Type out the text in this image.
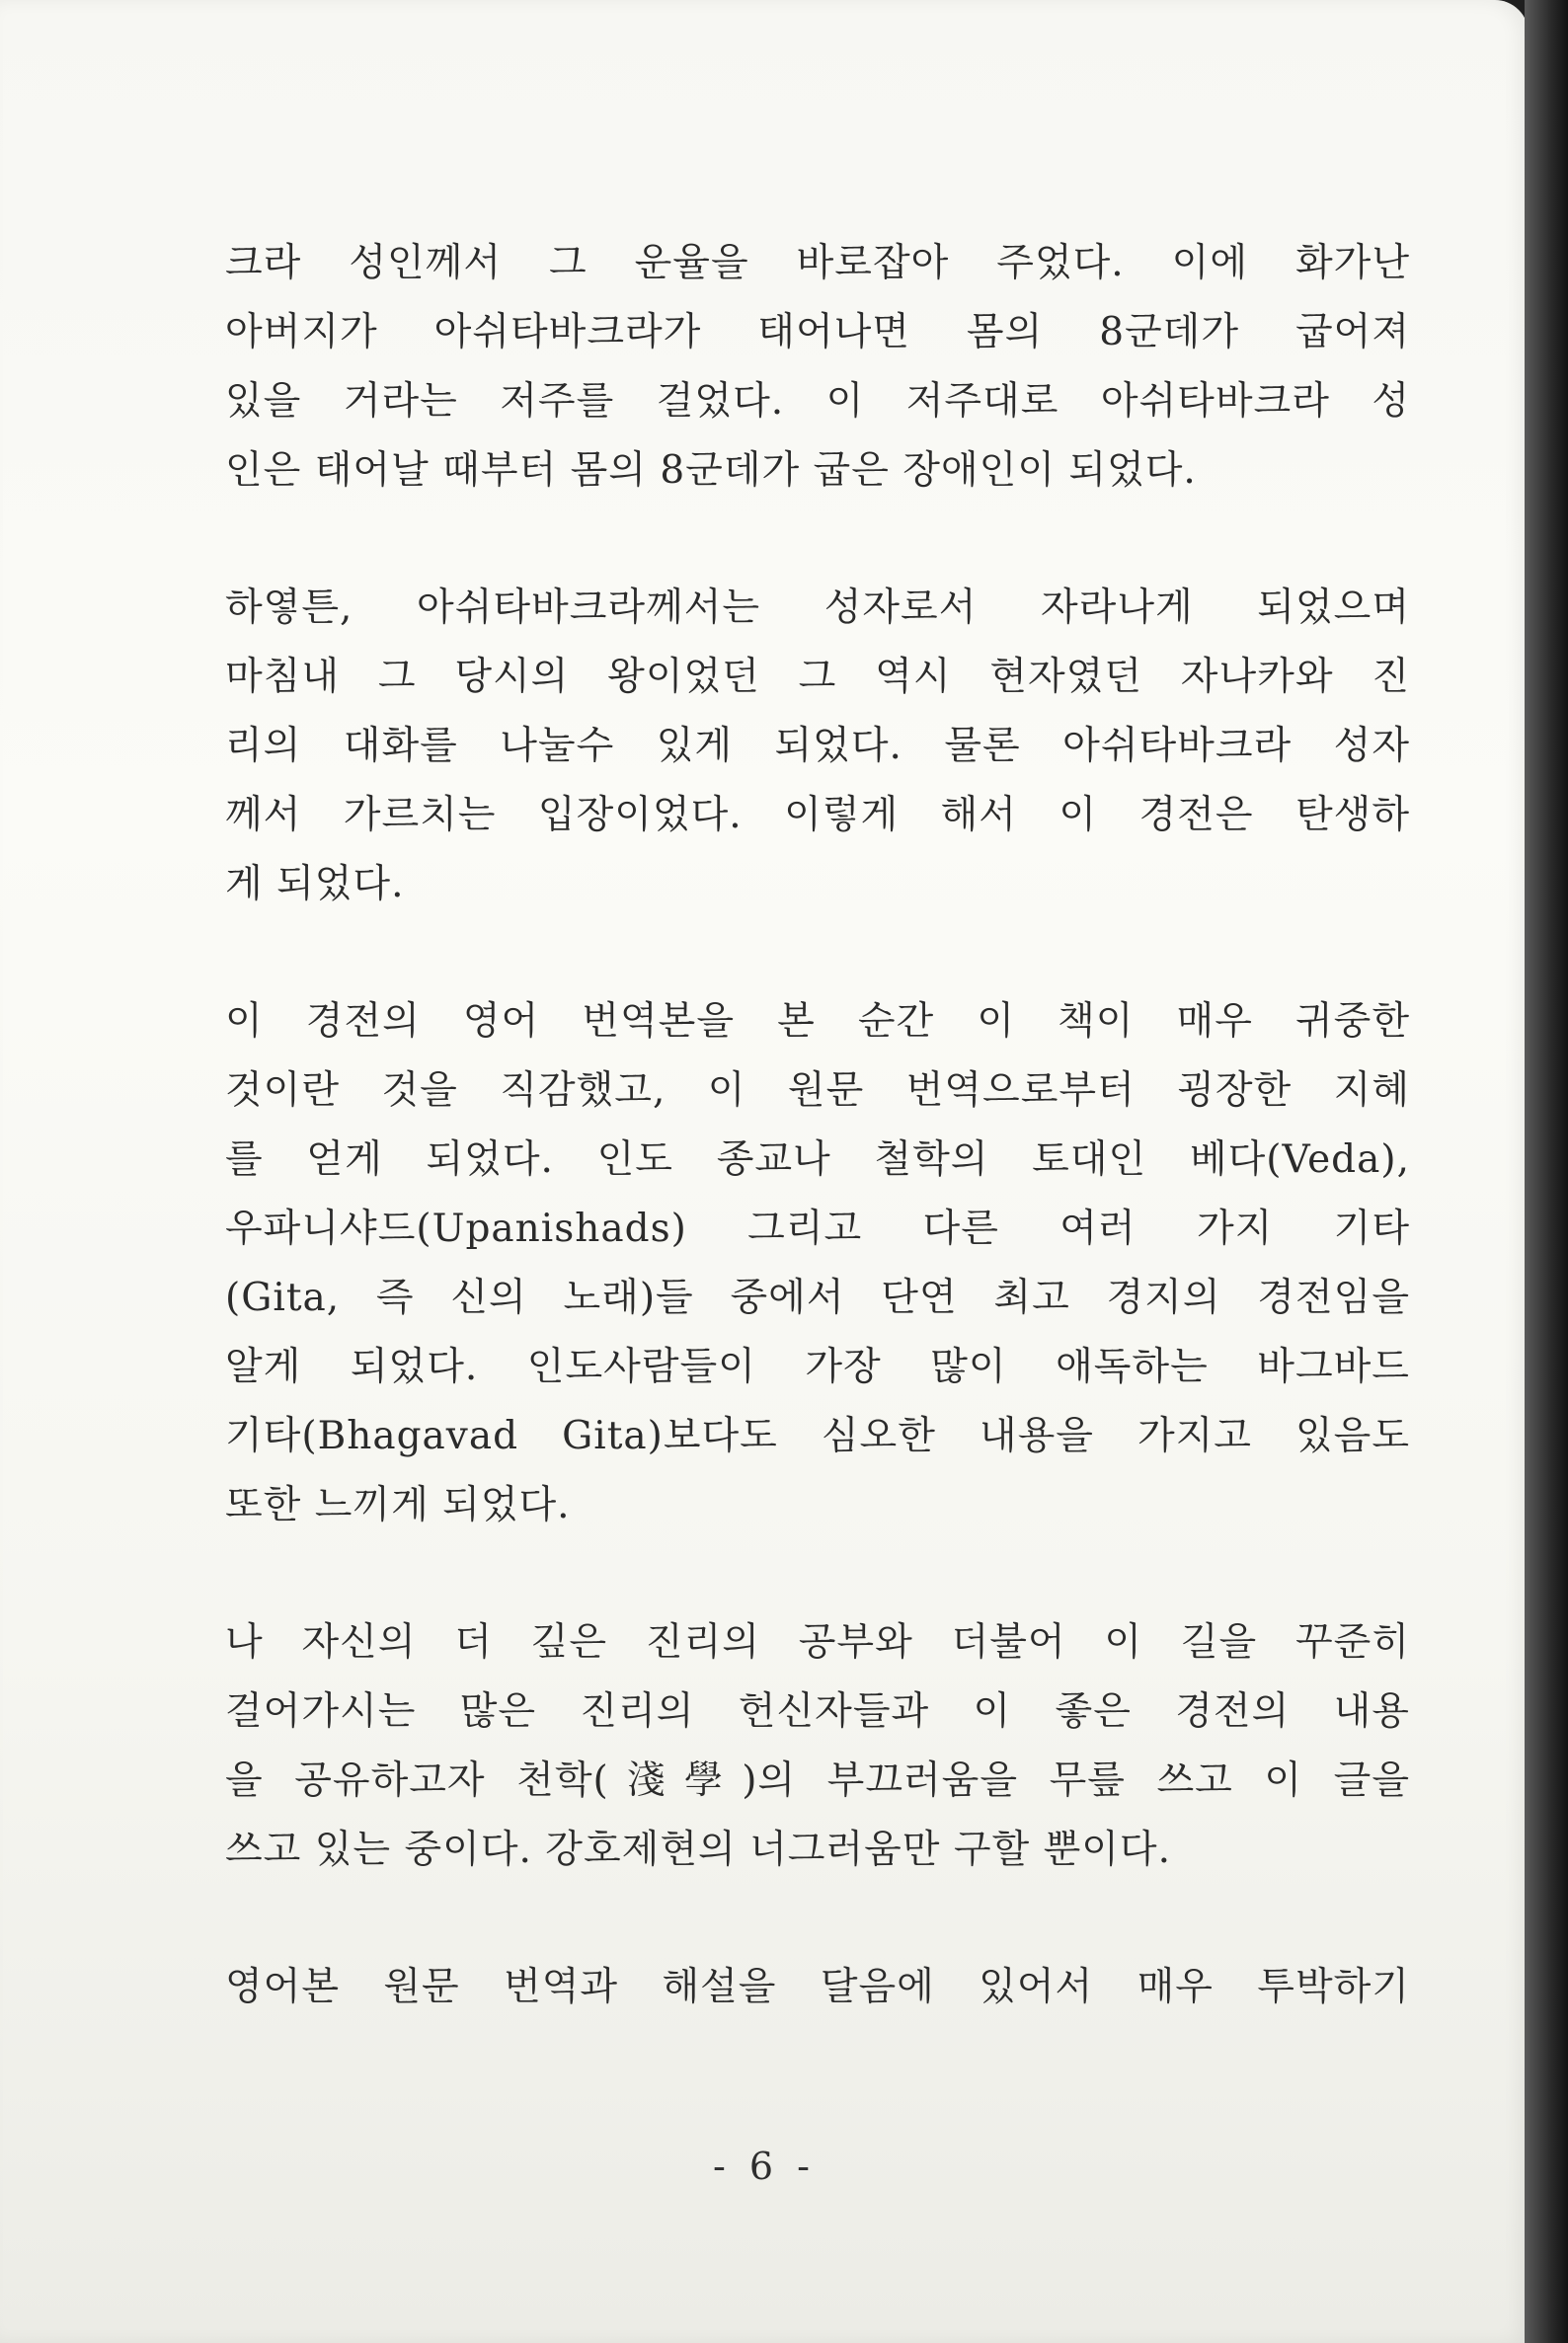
크라 성인께서 그 운율을 바로잡아 주었다. 이에 화가난
아버지가 아쉬타바크라가 태어나면 몸의 8군데가 굽어져
있을 거라는 저주를 걸었다. 이 저주대로 아쉬타바크라 성
인은 태어날 때부터 몸의 8군데가 굽은 장애인이 되었다.
하옇튼, 아쉬타바크라께서는 성자로서 자라나게 되었으며
마침내 그 당시의 왕이었던 그 역시 현자였던 자나카와 진
리의 대화를 나눌수 있게 되었다. 물론 아쉬타바크라 성자
께서 가르치는 입장이었다. 이렇게 해서 이 경전은 탄생하
게 되었다.
이 경전의 영어 번역본을 본 순간 이 책이 매우 귀중한
것이란 것을 직감했고, 이 원문 번역으로부터 굉장한 지혜
를 얻게 되었다. 인도 종교나 철학의 토대인 베다(Veda),
우파니샤드(Upanishads) 그리고 다른 여러 가지 기타
(Gita, 즉 신의 노래)들 중에서 단연 최고 경지의 경전임을
알게 되었다. 인도사람들이 가장 많이 애독하는 바그바드
기타(Bhagavad Gita)보다도 심오한 내용을 가지고 있음도
또한 느끼게 되었다.
나 자신의 더 깊은 진리의 공부와 더불어 이 길을 꾸준히
걸어가시는 많은 진리의 헌신자들과 이 좋은 경전의 내용
을 공유하고자 천학(淺學)의 부끄러움을 무릎 쓰고 이 글을
쓰고 있는 중이다. 강호제현의 너그러움만 구할 뿐이다.
영어본 원문 번역과 해설을 달음에 있어서 매우 투박하기
- 6 -
